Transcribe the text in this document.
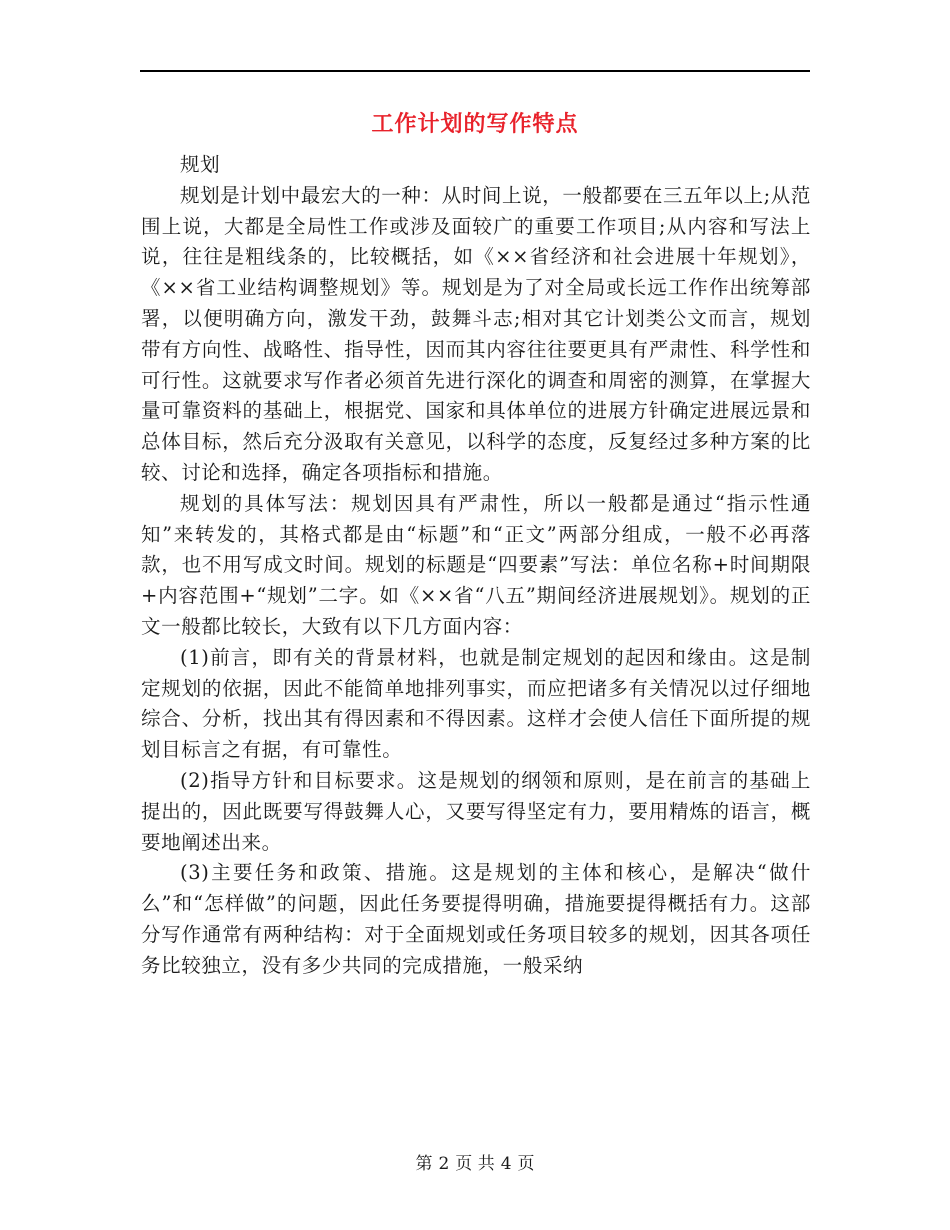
工作计划的写作特点

规划

规划是计划中最宏大的一种：从时间上说，一般都要在三五年以上;从范围上说，大都是全局性工作或涉及面较广的重要工作项目;从内容和写法上说，往往是粗线条的，比较概括，如《××省经济和社会进展十年规划》，《××省工业结构调整规划》等。规划是为了对全局或长远工作作出统筹部署，以便明确方向，激发干劲，鼓舞斗志;相对其它计划类公文而言，规划带有方向性、战略性、指导性，因而其内容往往要更具有严肃性、科学性和可行性。这就要求写作者必须首先进行深化的调查和周密的测算，在掌握大量可靠资料的基础上，根据党、国家和具体单位的进展方针确定进展远景和总体目标，然后充分汲取有关意见，以科学的态度，反复经过多种方案的比较、讨论和选择，确定各项指标和措施。

规划的具体写法：规划因具有严肃性，所以一般都是通过“指示性通知”来转发的，其格式都是由“标题”和“正文”两部分组成，一般不必再落款，也不用写成文时间。规划的标题是“四要素”写法：单位名称+时间期限+内容范围+“规划”二字。如《××省“八五”期间经济进展规划》。规划的正文一般都比较长，大致有以下几方面内容：

(1)前言，即有关的背景材料，也就是制定规划的起因和缘由。这是制定规划的依据，因此不能简单地排列事实，而应把诸多有关情况以过仔细地综合、分析，找出其有得因素和不得因素。这样才会使人信任下面所提的规划目标言之有据，有可靠性。

(2)指导方针和目标要求。这是规划的纲领和原则，是在前言的基础上提出的，因此既要写得鼓舞人心，又要写得坚定有力，要用精炼的语言，概要地阐述出来。

(3)主要任务和政策、措施。这是规划的主体和核心，是解决“做什么”和“怎样做”的问题，因此任务要提得明确，措施要提得概括有力。这部分写作通常有两种结构：对于全面规划或任务项目较多的规划，因其各项任务比较独立，没有多少共同的完成措施，一般采纳

第 2 页 共 4 页
